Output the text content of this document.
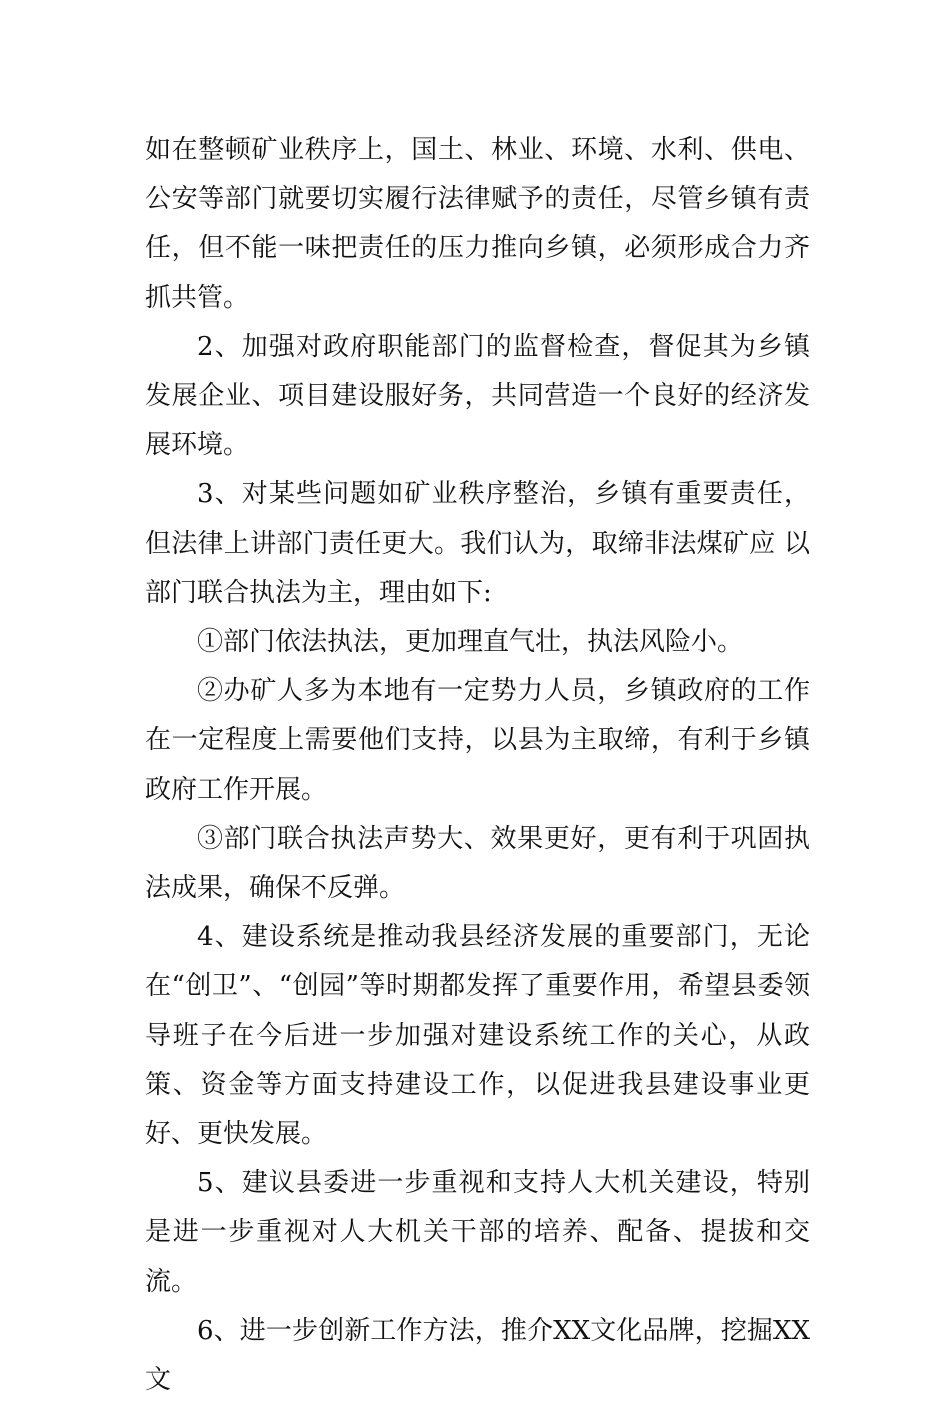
如在整顿矿业秩序上，国土、林业、环境、水利、供电、公安等部门就要切实履行法律赋予的责任，尽管乡镇有责任，但不能一味把责任的压力推向乡镇，必须形成合力齐抓共管。

2、加强对政府职能部门的监督检查，督促其为乡镇发展企业、项目建设服好务，共同营造一个良好的经济发展环境。

3、对某些问题如矿业秩序整治，乡镇有重要责任，但法律上讲部门责任更大。我们认为，取缔非法煤矿应 以部门联合执法为主，理由如下:

①部门依法执法，更加理直气壮，执法风险小。

②办矿人多为本地有一定势力人员，乡镇政府的工作在一定程度上需要他们支持，以县为主取缔，有利于乡镇政府工作开展。

③部门联合执法声势大、效果更好，更有利于巩固执法成果，确保不反弹。

4、建设系统是推动我县经济发展的重要部门，无论在“创卫”、“创园”等时期都发挥了重要作用，希望县委领导班子在今后进一步加强对建设系统工作的关心，从政策、资金等方面支持建设工作，以促进我县建设事业更好、更快发展。

5、建议县委进一步重视和支持人大机关建设，特别是进一步重视对人大机关干部的培养、配备、提拔和交流。

6、进一步创新工作方法，推介XX文化品牌，挖掘XX文
